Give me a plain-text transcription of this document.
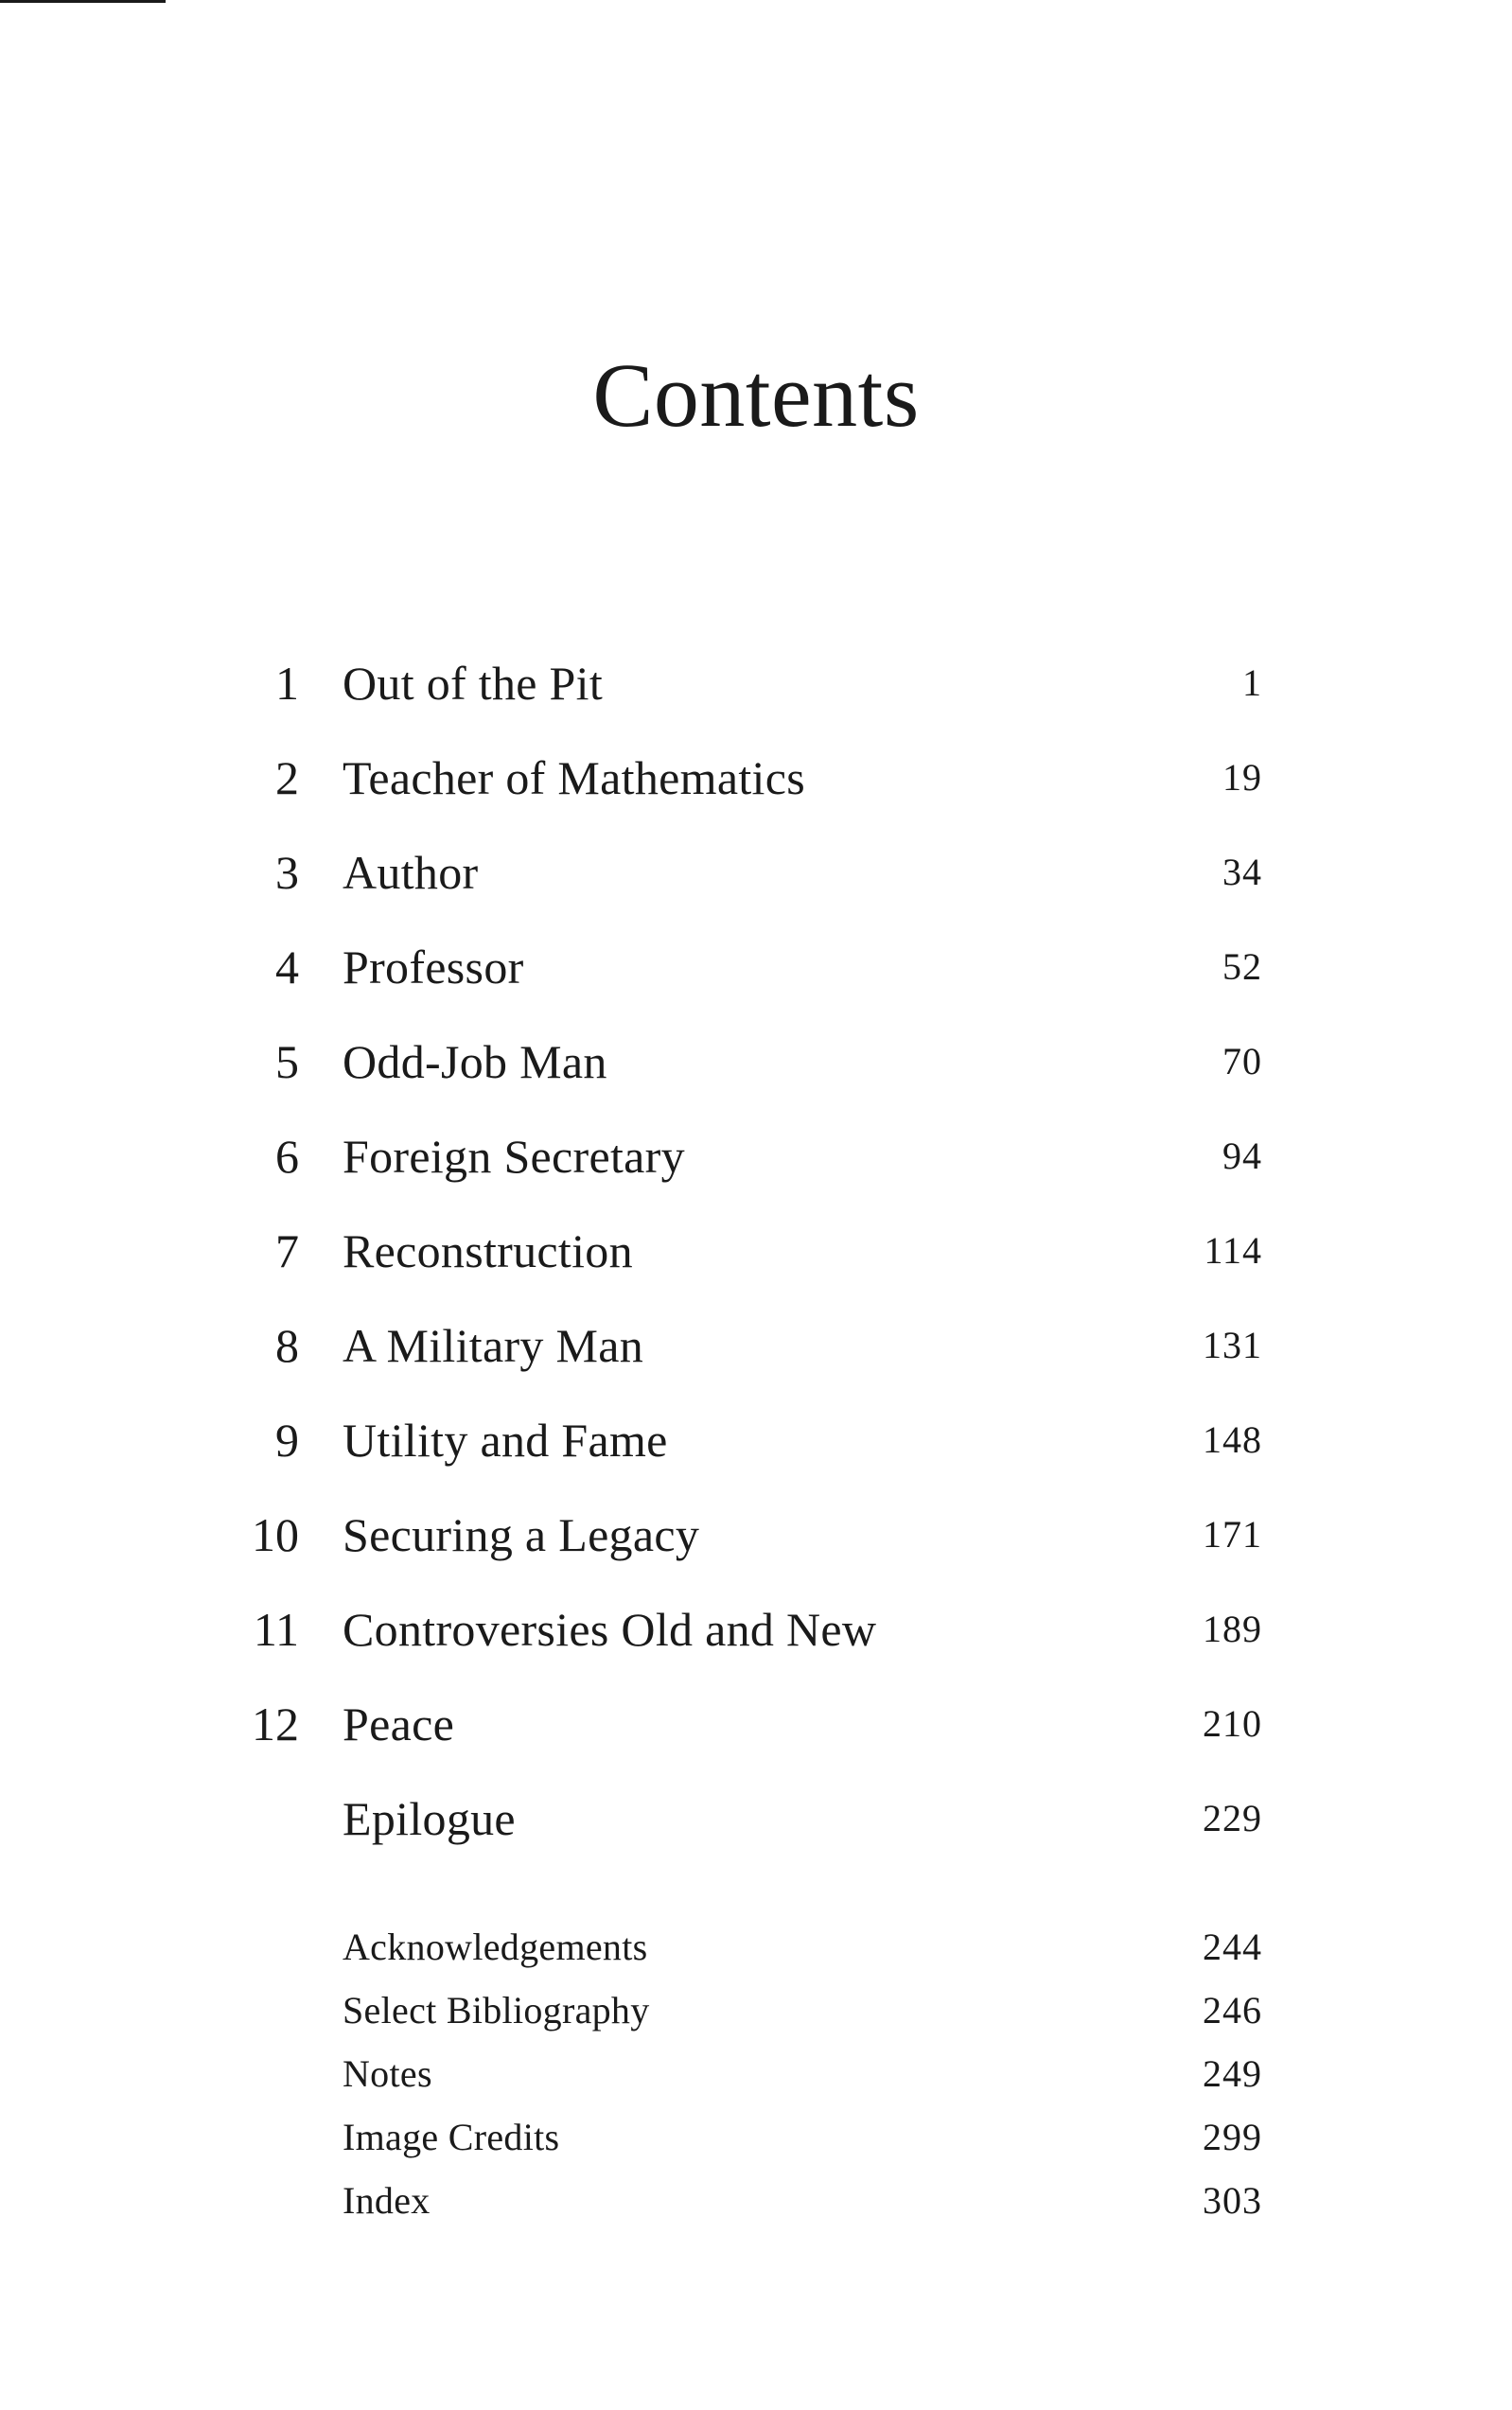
Contents
1 Out of the Pit	1
2 Teacher of Mathematics	19
3 Author	34
4 Professor	52
5 Odd-Job Man	70
6 Foreign Secretary	94
7 Reconstruction	114
8 A Military Man	131
9 Utility and Fame	148
10 Securing a Legacy	171
11 Controversies Old and New	189
12 Peace	210
Epilogue	229
Acknowledgements	244
Select Bibliography	246
Notes	249
Image Credits	299
Index	303
